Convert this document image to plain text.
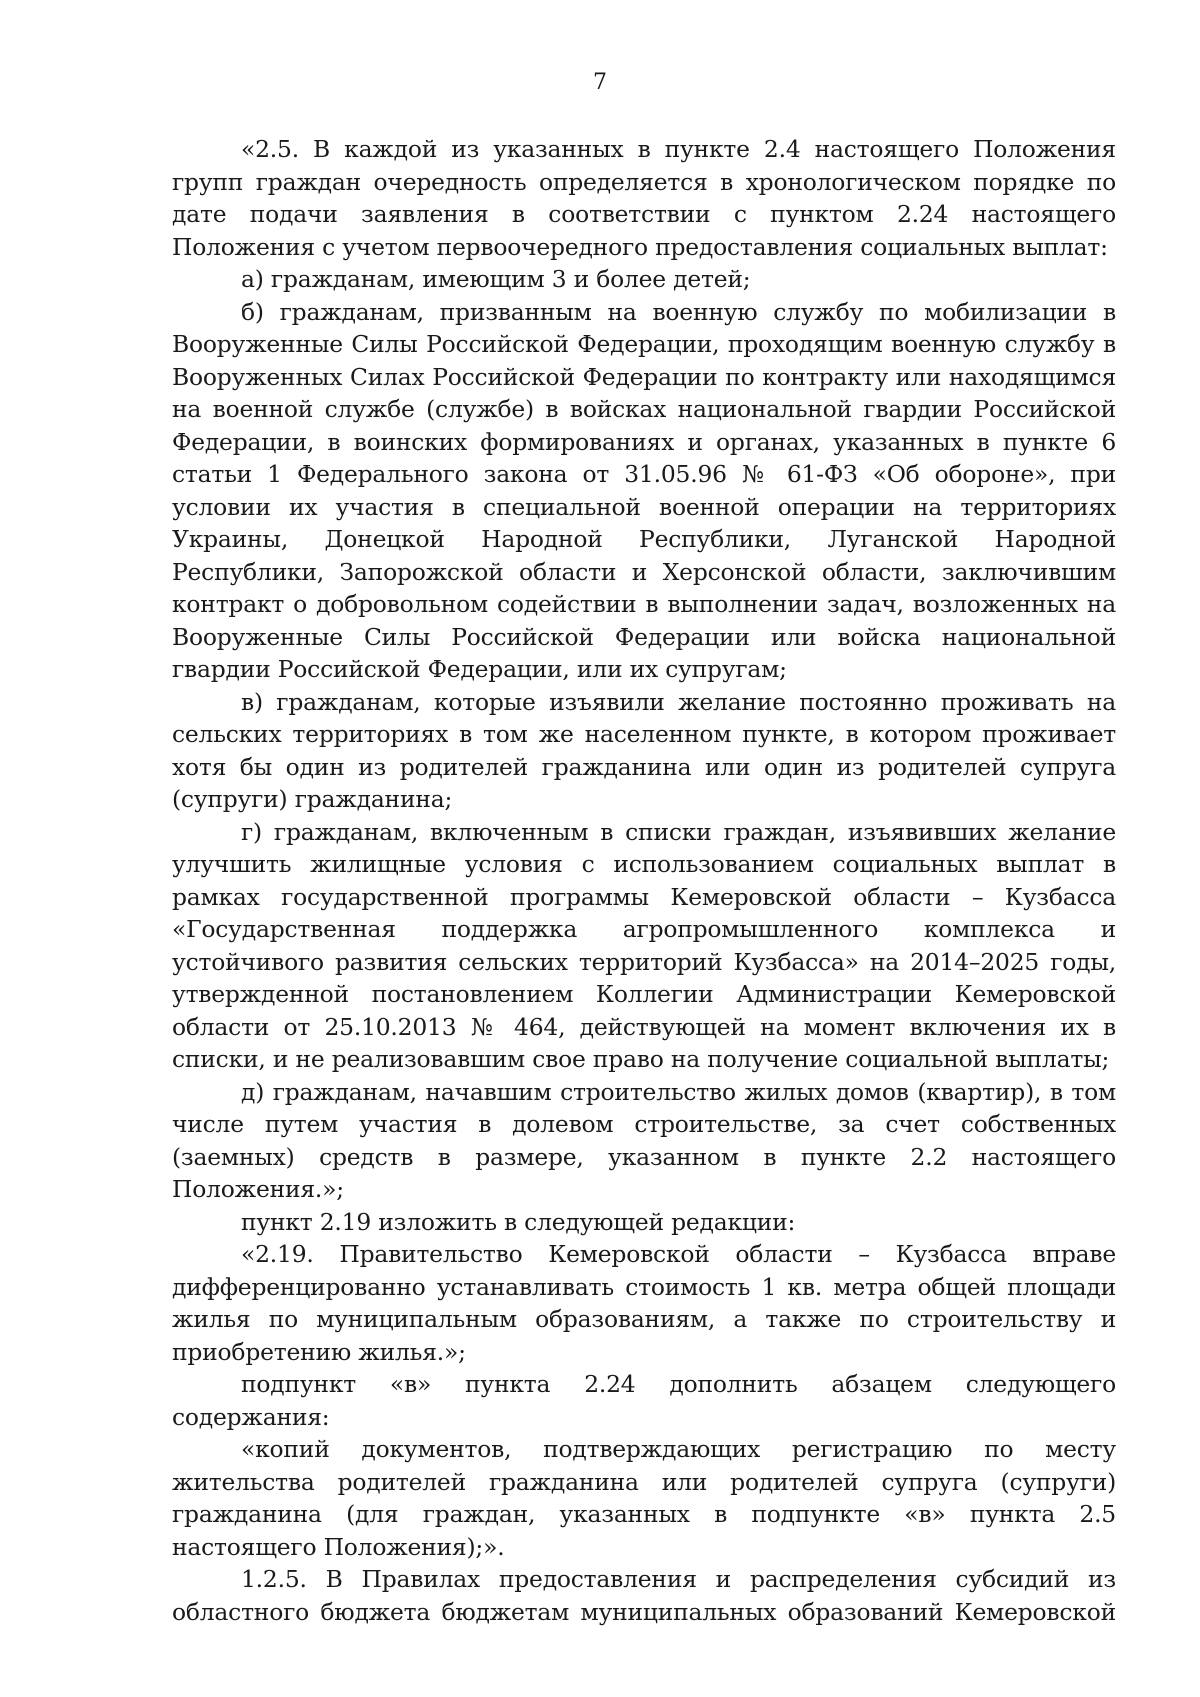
7

«2.5. В каждой из указанных в пункте 2.4 настоящего Положения групп граждан очередность определяется в хронологическом порядке по дате подачи заявления в соответствии с пунктом 2.24 настоящего Положения с учетом первоочередного предоставления социальных выплат:

а) гражданам, имеющим 3 и более детей;

б) гражданам, призванным на военную службу по мобилизации в Вооруженные Силы Российской Федерации, проходящим военную службу в Вооруженных Силах Российской Федерации по контракту или находящимся на военной службе (службе) в войсках национальной гвардии Российской Федерации, в воинских формированиях и органах, указанных в пункте 6 статьи 1 Федерального закона от 31.05.96 № 61-ФЗ «Об обороне», при условии их участия в специальной военной операции на территориях Украины, Донецкой Народной Республики, Луганской Народной Республики, Запорожской области и Херсонской области, заключившим контракт о добровольном содействии в выполнении задач, возложенных на Вооруженные Силы Российской Федерации или войска национальной гвардии Российской Федерации, или их супругам;

в) гражданам, которые изъявили желание постоянно проживать на сельских территориях в том же населенном пункте, в котором проживает хотя бы один из родителей гражданина или один из родителей супруга (супруги) гражданина;

г) гражданам, включенным в списки граждан, изъявивших желание улучшить жилищные условия с использованием социальных выплат в рамках государственной программы Кемеровской области – Кузбасса «Государственная поддержка агропромышленного комплекса и устойчивого развития сельских территорий Кузбасса» на 2014–2025 годы, утвержденной постановлением Коллегии Администрации Кемеровской области от 25.10.2013 № 464, действующей на момент включения их в списки, и не реализовавшим свое право на получение социальной выплаты;

д) гражданам, начавшим строительство жилых домов (квартир), в том числе путем участия в долевом строительстве, за счет собственных (заемных) средств в размере, указанном в пункте 2.2 настоящего Положения.»;

пункт 2.19 изложить в следующей редакции:

«2.19. Правительство Кемеровской области – Кузбасса вправе дифференцированно устанавливать стоимость 1 кв. метра общей площади жилья по муниципальным образованиям, а также по строительству и приобретению жилья.»;

подпункт «в» пункта 2.24 дополнить абзацем следующего содержания:

«копий документов, подтверждающих регистрацию по месту жительства родителей гражданина или родителей супруга (супруги) гражданина (для граждан, указанных в подпункте «в» пункта 2.5 настоящего Положения);».

1.2.5. В Правилах предоставления и распределения субсидий из областного бюджета бюджетам муниципальных образований Кемеровской
